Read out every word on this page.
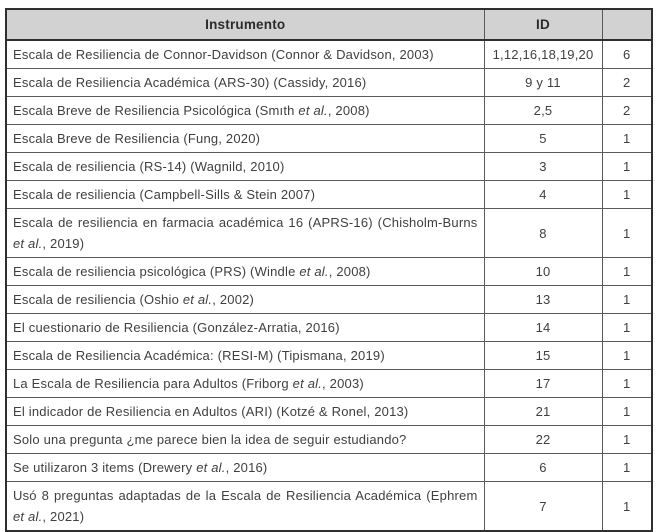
Instrumento	ID	
Escala de Resiliencia de Connor-Davidson (Connor & Davidson, 2003)	1,12,16,18,19,20	6
Escala de Resiliencia Académica (ARS-30) (Cassidy, 2016)	9 y 11	2
Escala Breve de Resiliencia Psicológica (Smıth et al., 2008)	2,5	2
Escala Breve de Resiliencia (Fung, 2020)	5	1
Escala de resiliencia (RS-14) (Wagnild, 2010)	3	1
Escala de resiliencia (Campbell-Sills & Stein 2007)	4	1
Escala de resiliencia en farmacia académica 16 (APRS-16) (Chisholm-Burns et al., 2019)	8	1
Escala de resiliencia psicológica (PRS) (Windle et al., 2008)	10	1
Escala de resiliencia (Oshio et al., 2002)	13	1
El cuestionario de Resiliencia (González-Arratia, 2016)	14	1
Escala de Resiliencia Académica: (RESI-M) (Tipismana, 2019)	15	1
La Escala de Resiliencia para Adultos (Friborg et al., 2003)	17	1
El indicador de Resiliencia en Adultos (ARI) (Kotzé & Ronel, 2013)	21	1
Solo una pregunta ¿me parece bien la idea de seguir estudiando?	22	1
Se utilizaron 3 items (Drewery et al., 2016)	6	1
Usó 8 preguntas adaptadas de la Escala de Resiliencia Académica (Ephrem et al., 2021)	7	1
